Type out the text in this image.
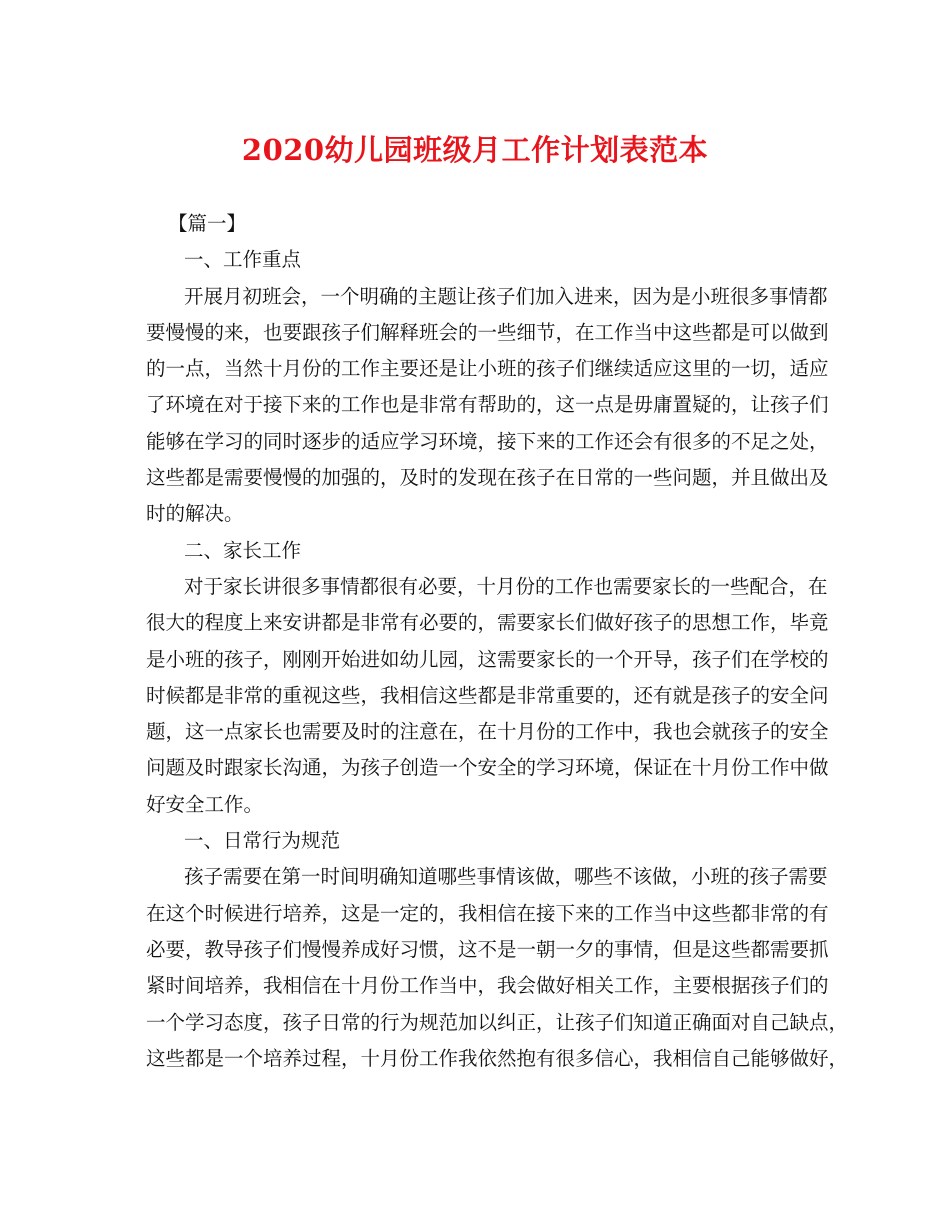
2020幼儿园班级月工作计划表范本
【篇一】
一、工作重点
开展月初班会，一个明确的主题让孩子们加入进来，因为是小班很多事情都
要慢慢的来，也要跟孩子们解释班会的一些细节，在工作当中这些都是可以做到
的一点，当然十月份的工作主要还是让小班的孩子们继续适应这里的一切，适应
了环境在对于接下来的工作也是非常有帮助的，这一点是毋庸置疑的，让孩子们
能够在学习的同时逐步的适应学习环境，接下来的工作还会有很多的不足之处，
这些都是需要慢慢的加强的，及时的发现在孩子在日常的一些问题，并且做出及
时的解决。
二、家长工作
对于家长讲很多事情都很有必要，十月份的工作也需要家长的一些配合，在
很大的程度上来安讲都是非常有必要的，需要家长们做好孩子的思想工作，毕竟
是小班的孩子，刚刚开始进如幼儿园，这需要家长的一个开导，孩子们在学校的
时候都是非常的重视这些，我相信这些都是非常重要的，还有就是孩子的安全问
题，这一点家长也需要及时的注意在，在十月份的工作中，我也会就孩子的安全
问题及时跟家长沟通，为孩子创造一个安全的学习环境，保证在十月份工作中做
好安全工作。
一、日常行为规范
孩子需要在第一时间明确知道哪些事情该做，哪些不该做，小班的孩子需要
在这个时候进行培养，这是一定的，我相信在接下来的工作当中这些都非常的有
必要，教导孩子们慢慢养成好习惯，这不是一朝一夕的事情，但是这些都需要抓
紧时间培养，我相信在十月份工作当中，我会做好相关工作，主要根据孩子们的
一个学习态度，孩子日常的行为规范加以纠正，让孩子们知道正确面对自己缺点，
这些都是一个培养过程，十月份工作我依然抱有很多信心，我相信自己能够做好，
